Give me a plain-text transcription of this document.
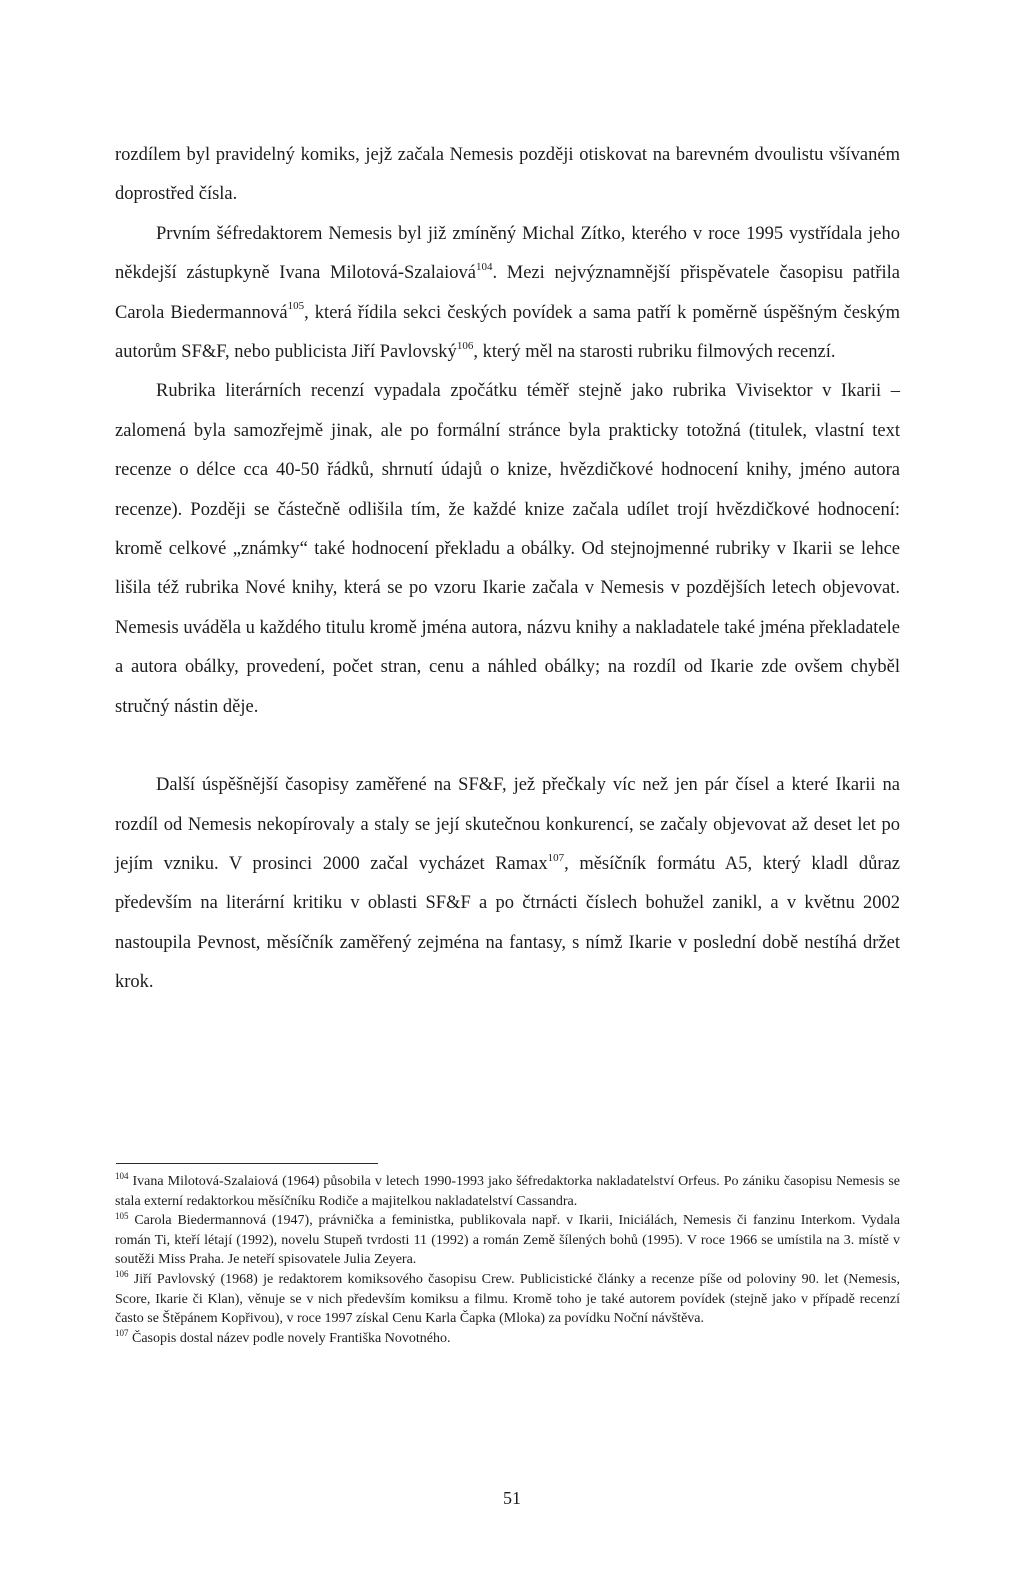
rozdílem byl pravidelný komiks, jejž začala Nemesis později otiskovat na barevném dvoulistu všívaném doprostřed čísla.

Prvním šéfredaktorem Nemesis byl již zmíněný Michal Zítko, kterého v roce 1995 vystřídala jeho někdejší zástupkyně Ivana Milotová-Szalaiová$^{104}$. Mezi nejvýznamnější přispěvatele časopisu patřila Carola Biedermannová$^{105}$, která řídila sekci českých povídek a sama patří k poměrně úspěšným českým autorům SF&F, nebo publicista Jiří Pavlovský$^{106}$, který měl na starosti rubriku filmových recenzí.

Rubrika literárních recenzí vypadala zpočátku téměř stejně jako rubrika Vivisektor v Ikarii – zalomená byla samozřejmě jinak, ale po formální stránce byla prakticky totožná (titulek, vlastní text recenze o délce cca 40-50 řádků, shrnutí údajů o knize, hvězdičkové hodnocení knihy, jméno autora recenze). Později se částečně odlišila tím, že každé knize začala udílet trojí hvězdičkové hodnocení: kromě celkové „známky“ také hodnocení překladu a obálky. Od stejnojmenné rubriky v Ikarii se lehce lišila též rubrika Nové knihy, která se po vzoru Ikarie začala v Nemesis v pozdějších letech objevovat. Nemesis uváděla u každého titulu kromě jména autora, názvu knihy a nakladatele také jména překladatele a autora obálky, provedení, počet stran, cenu a náhled obálky; na rozdíl od Ikarie zde ovšem chyběl stručný nástin děje.

Další úspěšnější časopisy zaměřené na SF&F, jež přečkaly víc než jen pár čísel a které Ikarii na rozdíl od Nemesis nekopírovaly a staly se její skutečnou konkurencí, se začaly objevovat až deset let po jejím vzniku. V prosinci 2000 začal vycházet Ramax$^{107}$, měsíčník formátu A5, který kladl důraz především na literární kritiku v oblasti SF&F a po čtrnácti číslech bohužel zanikl, a v květnu 2002 nastoupila Pevnost, měsíčník zaměřený zejména na fantasy, s nímž Ikarie v poslední době nestíhá držet krok.

$^{104}$ Ivana Milotová-Szalaiová (1964) působila v letech 1990-1993 jako šéfredaktorka nakladatelství Orfeus. Po zániku časopisu Nemesis se stala externí redaktorkou měsíčníku Rodiče a majitelkou nakladatelství Cassandra.

$^{105}$ Carola Biedermannová (1947), právnička a feministka, publikovala např. v Ikarii, Iniciálách, Nemesis či fanzinu Interkom. Vydala román Ti, kteří létají (1992), novelu Stupeň tvrdosti 11 (1992) a román Země šílených bohů (1995). V roce 1966 se umístila na 3. místě v soutěži Miss Praha. Je neteří spisovatele Julia Zeyera.

$^{106}$ Jiří Pavlovský (1968) je redaktorem komiksového časopisu Crew. Publicistické články a recenze píše od poloviny 90. let (Nemesis, Score, Ikarie či Klan), věnuje se v nich především komiksu a filmu. Kromě toho je také autorem povídek (stejně jako v případě recenzí často se Štěpánem Kopřivou), v roce 1997 získal Cenu Karla Čapka (Mloka) za povídku Noční návštěva.

$^{107}$ Časopis dostal název podle novely Františka Novotného.

51
